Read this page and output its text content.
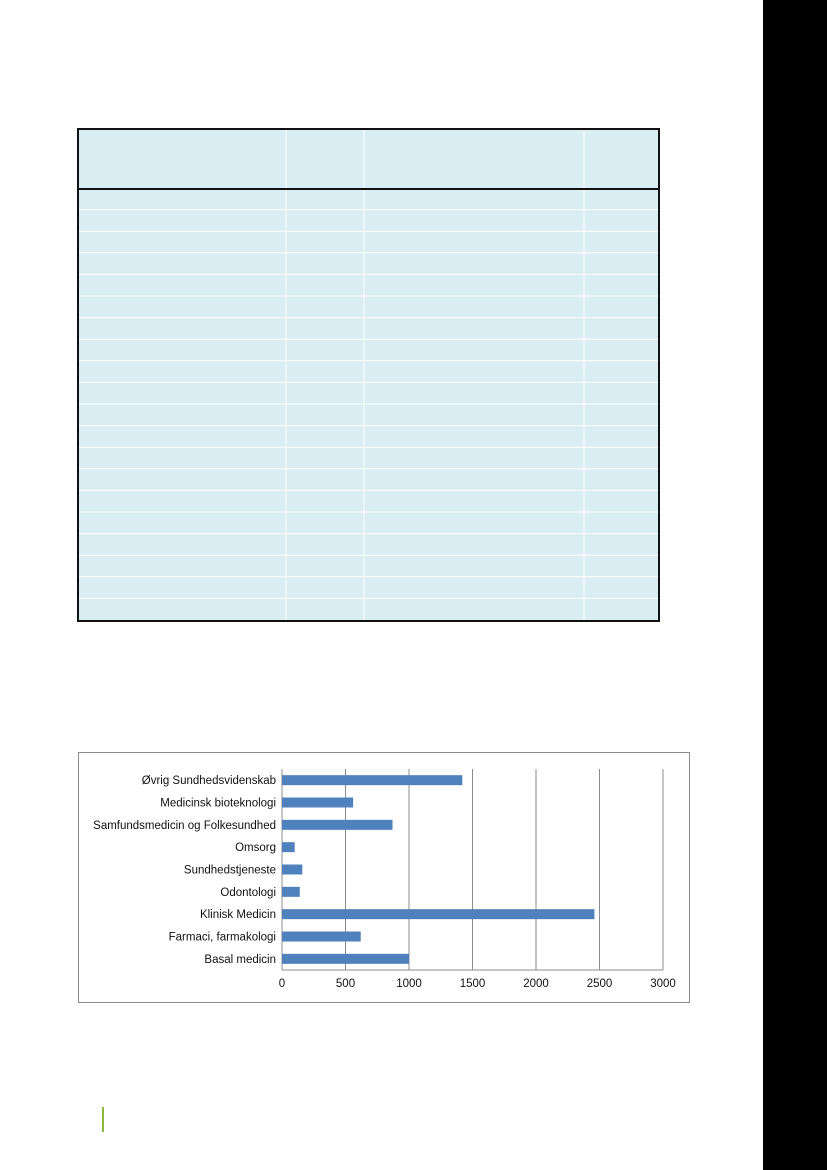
0	500	1000	1500	2000	2500	3000
Øvrig Sundhedsvidenskab
Medicinsk bioteknologi
Samfundsmedicin og Folkesundhed
Omsorg
Sundhedstjeneste
Odontologi
Klinisk Medicin
Farmaci, farmakologi
Basal medicin
